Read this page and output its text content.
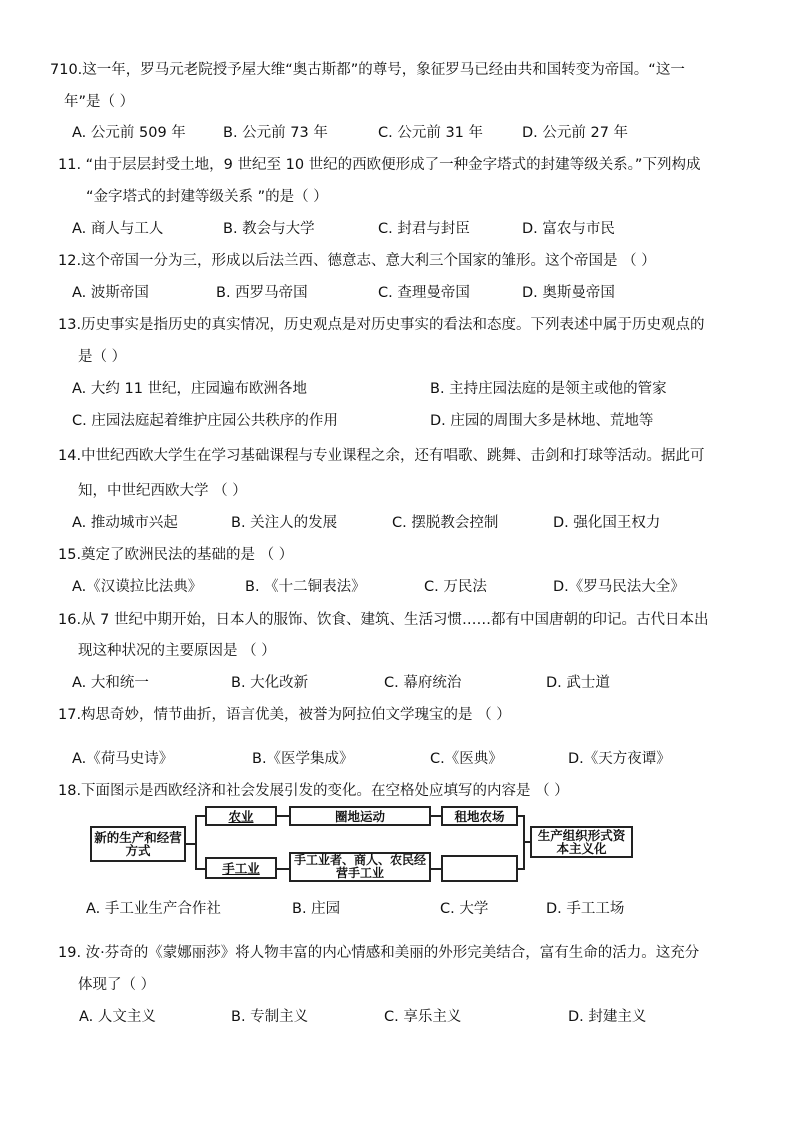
710.这一年，罗马元老院授予屋大维“奥古斯都”的尊号，象征罗马已经由共和国转变为帝国。“这一
年”是（ ）
A. 公元前 509 年	B. 公元前 73 年	C. 公元前 31 年	D. 公元前 27 年
11. “由于层层封受土地，9 世纪至 10 世纪的西欧便形成了一种金字塔式的封建等级关系。”下列构成
“金字塔式的封建等级关系 ”的是（ ）
A. 商人与工人	B. 教会与大学	C. 封君与封臣	D. 富农与市民
12.这个帝国一分为三，形成以后法兰西、德意志、意大利三个国家的雏形。这个帝国是 （ ）
A. 波斯帝国	B. 西罗马帝国	C. 查理曼帝国	D. 奥斯曼帝国
13.历史事实是指历史的真实情况，历史观点是对历史事实的看法和态度。下列表述中属于历史观点的
是（ ）
A. 大约 11 世纪，庄园遍布欧洲各地	B. 主持庄园法庭的是领主或他的管家
C. 庄园法庭起着维护庄园公共秩序的作用	D. 庄园的周围大多是林地、荒地等
14.中世纪西欧大学生在学习基础课程与专业课程之余，还有唱歌、跳舞、击剑和打球等活动。据此可
知，中世纪西欧大学 （ ）
A. 推动城市兴起	B. 关注人的发展	C. 摆脱教会控制	D. 强化国王权力
15.奠定了欧洲民法的基础的是 （ ）
A.《汉谟拉比法典》	B. 《十二铜表法》	C. 万民法	D.《罗马民法大全》
16.从 7 世纪中期开始，日本人的服饰、饮食、建筑、生活习惯……都有中国唐朝的印记。古代日本出
现这种状况的主要原因是 （ ）
A. 大和统一	B. 大化改新	C. 幕府统治	D. 武士道
17.构思奇妙，情节曲折，语言优美，被誉为阿拉伯文学瑰宝的是 （ ）
A.《荷马史诗》	B.《医学集成》	C.《医典》	D.《天方夜谭》
18.下面图示是西欧经济和社会发展引发的变化。在空格处应填写的内容是 （ ）
新的生产和经营方式
农业	圈地运动	租地农场
手工业
手工业者、商人、农民经营手工业
生产组织形式资本主义化
A. 手工业生产合作社	B. 庄园	C. 大学	D. 手工工场
19. 汝·芬奇的《蒙娜丽莎》将人物丰富的内心情感和美丽的外形完美结合，富有生命的活力。这充分
体现了（ ）
A. 人文主义	B. 专制主义	C. 享乐主义	D. 封建主义
